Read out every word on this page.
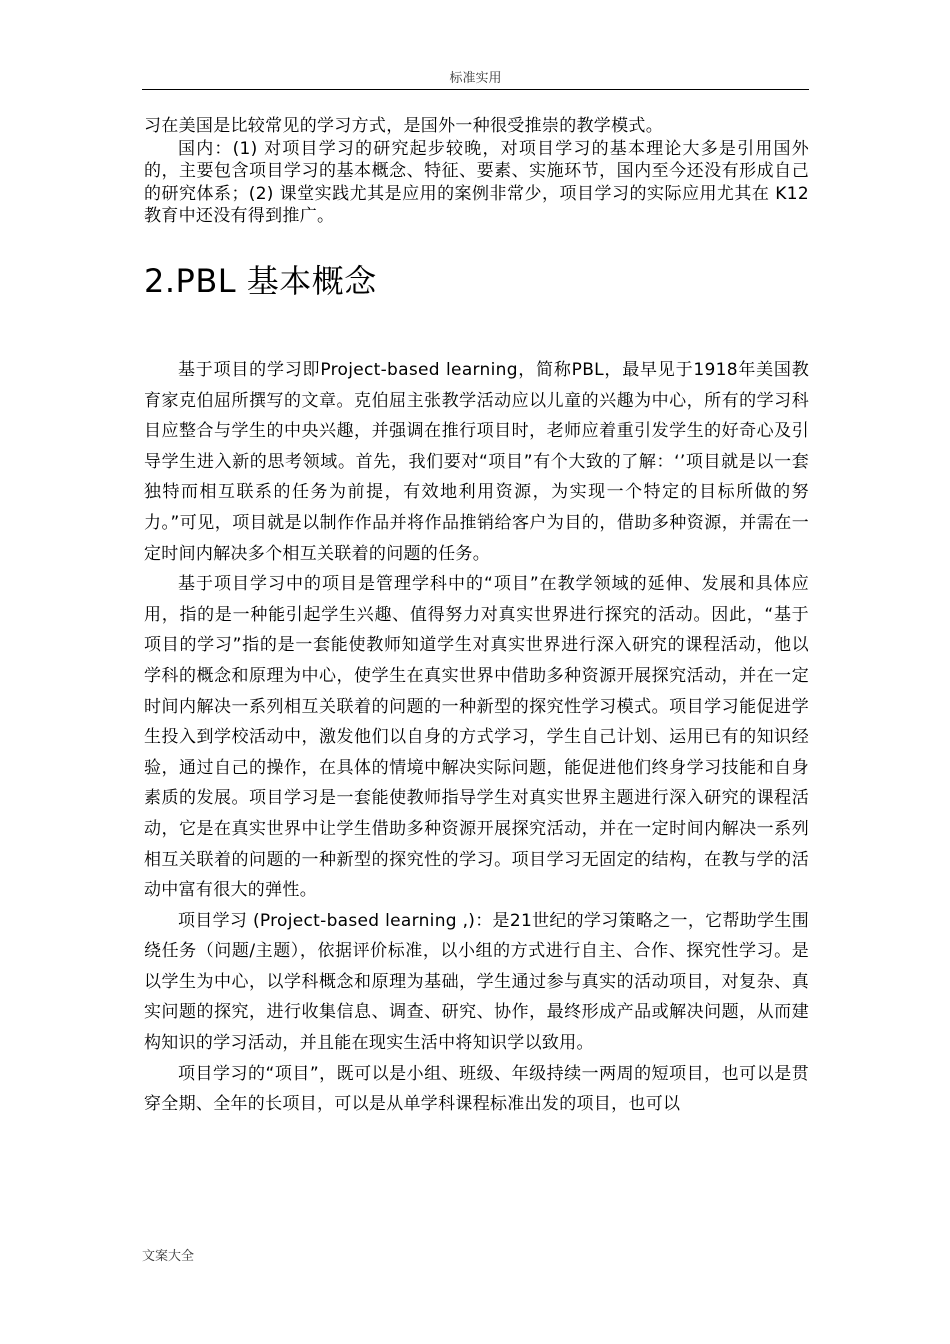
标准实用

习在美国是比较常见的学习方式，是国外一种很受推崇的教学模式。

国内：(1) 对项目学习的研究起步较晚，对项目学习的基本理论大多是引用国外的，主要包含项目学习的基本概念、特征、要素、实施环节，国内至今还没有形成自己的研究体系；(2) 课堂实践尤其是应用的案例非常少，项目学习的实际应用尤其在 K12 教育中还没有得到推广。

2.PBL 基本概念

基于项目的学习即Project-based learning，简称PBL，最早见于1918年美国教育家克伯屈所撰写的文章。克伯屈主张教学活动应以儿童的兴趣为中心，所有的学习科目应整合与学生的中央兴趣，并强调在推行项目时，老师应着重引发学生的好奇心及引导学生进入新的思考领域。首先，我们要对“项目”有个大致的了解：‘’项目就是以一套独特而相互联系的任务为前提，有效地利用资源，为实现一个特定的目标所做的努力。”可见，项目就是以制作作品并将作品推销给客户为目的，借助多种资源，并需在一定时间内解决多个相互关联着的问题的任务。

基于项目学习中的项目是管理学科中的“项目”在教学领域的延伸、发展和具体应用，指的是一种能引起学生兴趣、值得努力对真实世界进行探究的活动。因此，“基于项目的学习”指的是一套能使教师知道学生对真实世界进行深入研究的课程活动，他以学科的概念和原理为中心，使学生在真实世界中借助多种资源开展探究活动，并在一定时间内解决一系列相互关联着的问题的一种新型的探究性学习模式。项目学习能促进学生投入到学校活动中，激发他们以自身的方式学习，学生自己计划、运用已有的知识经验，通过自己的操作，在具体的情境中解决实际问题，能促进他们终身学习技能和自身素质的发展。项目学习是一套能使教师指导学生对真实世界主题进行深入研究的课程活动，它是在真实世界中让学生借助多种资源开展探究活动，并在一定时间内解决一系列相互关联着的问题的一种新型的探究性的学习。项目学习无固定的结构，在教与学的活动中富有很大的弹性。

项目学习 (Project-based learning ,)：是21世纪的学习策略之一，它帮助学生围绕任务（问题/主题），依据评价标准，以小组的方式进行自主、合作、探究性学习。是以学生为中心，以学科概念和原理为基础，学生通过参与真实的活动项目，对复杂、真实问题的探究，进行收集信息、调查、研究、协作，最终形成产品或解决问题，从而建构知识的学习活动，并且能在现实生活中将知识学以致用。

项目学习的“项目”，既可以是小组、班级、年级持续一两周的短项目，也可以是贯穿全期、全年的长项目，可以是从单学科课程标准出发的项目，也可以

文案大全
